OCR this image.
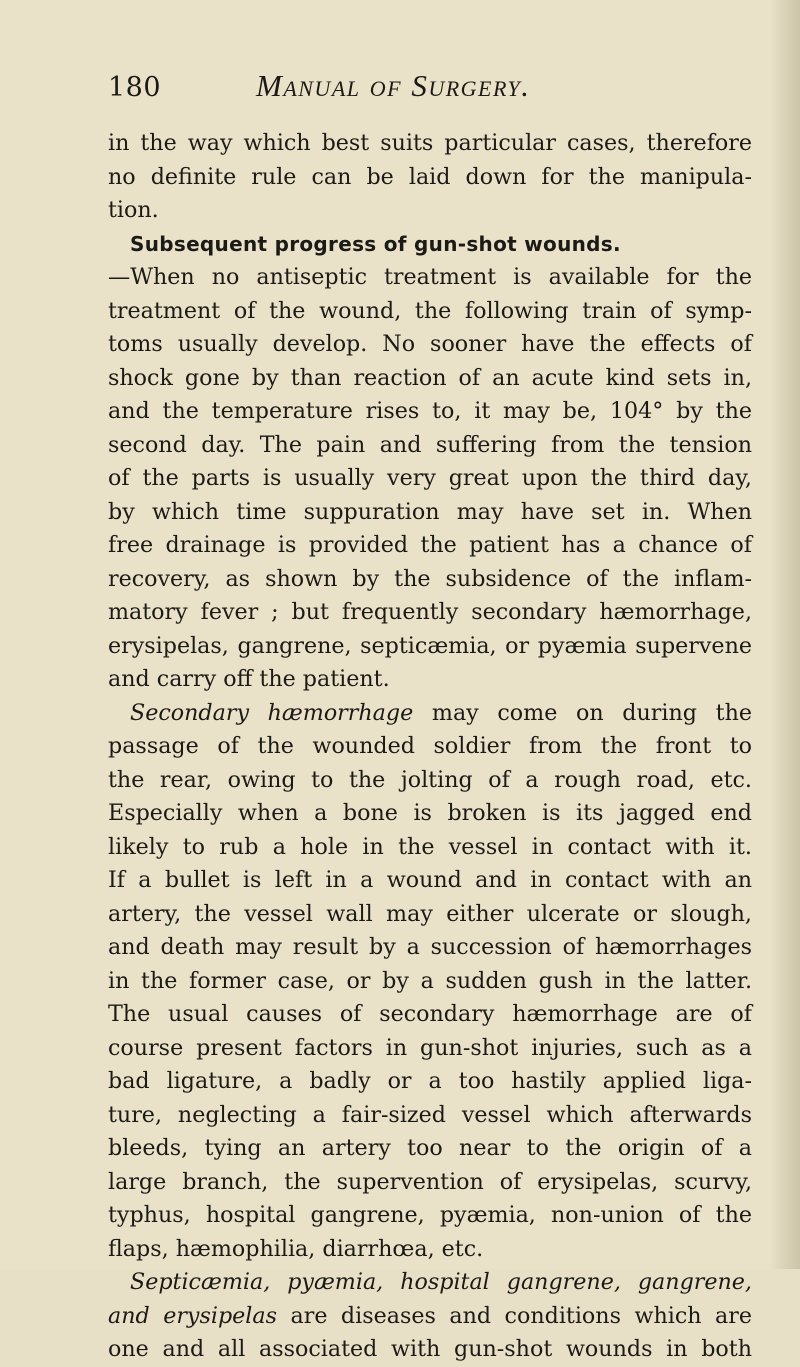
180	Manual of Surgery.
in the way which best suits particular cases, therefore
no definite rule can be laid down for the manipula-
tion.
Subsequent progress of gun-shot wounds.
—When no antiseptic treatment is available for the
treatment of the wound, the following train of symp-
toms usually develop. No sooner have the effects of
shock gone by than reaction of an acute kind sets in,
and the temperature rises to, it may be, 104° by the
second day. The pain and suffering from the tension
of the parts is usually very great upon the third day,
by which time suppuration may have set in. When
free drainage is provided the patient has a chance of
recovery, as shown by the subsidence of the inflam-
matory fever ; but frequently secondary hæmorrhage,
erysipelas, gangrene, septicæmia, or pyæmia supervene
and carry off the patient.
Secondary hæmorrhage may come on during the
passage of the wounded soldier from the front to
the rear, owing to the jolting of a rough road, etc.
Especially when a bone is broken is its jagged end
likely to rub a hole in the vessel in contact with it.
If a bullet is left in a wound and in contact with an
artery, the vessel wall may either ulcerate or slough,
and death may result by a succession of hæmorrhages
in the former case, or by a sudden gush in the latter.
The usual causes of secondary hæmorrhage are of
course present factors in gun-shot injuries, such as a
bad ligature, a badly or a too hastily applied liga-
ture, neglecting a fair-sized vessel which afterwards
bleeds, tying an artery too near to the origin of a
large branch, the supervention of erysipelas, scurvy,
typhus, hospital gangrene, pyæmia, non-union of the
flaps, hæmophilia, diarrhœa, etc.
Septicæmia, pyæmia, hospital gangrene, gangrene,
and erysipelas are diseases and conditions which are
one and all associated with gun-shot wounds in both
